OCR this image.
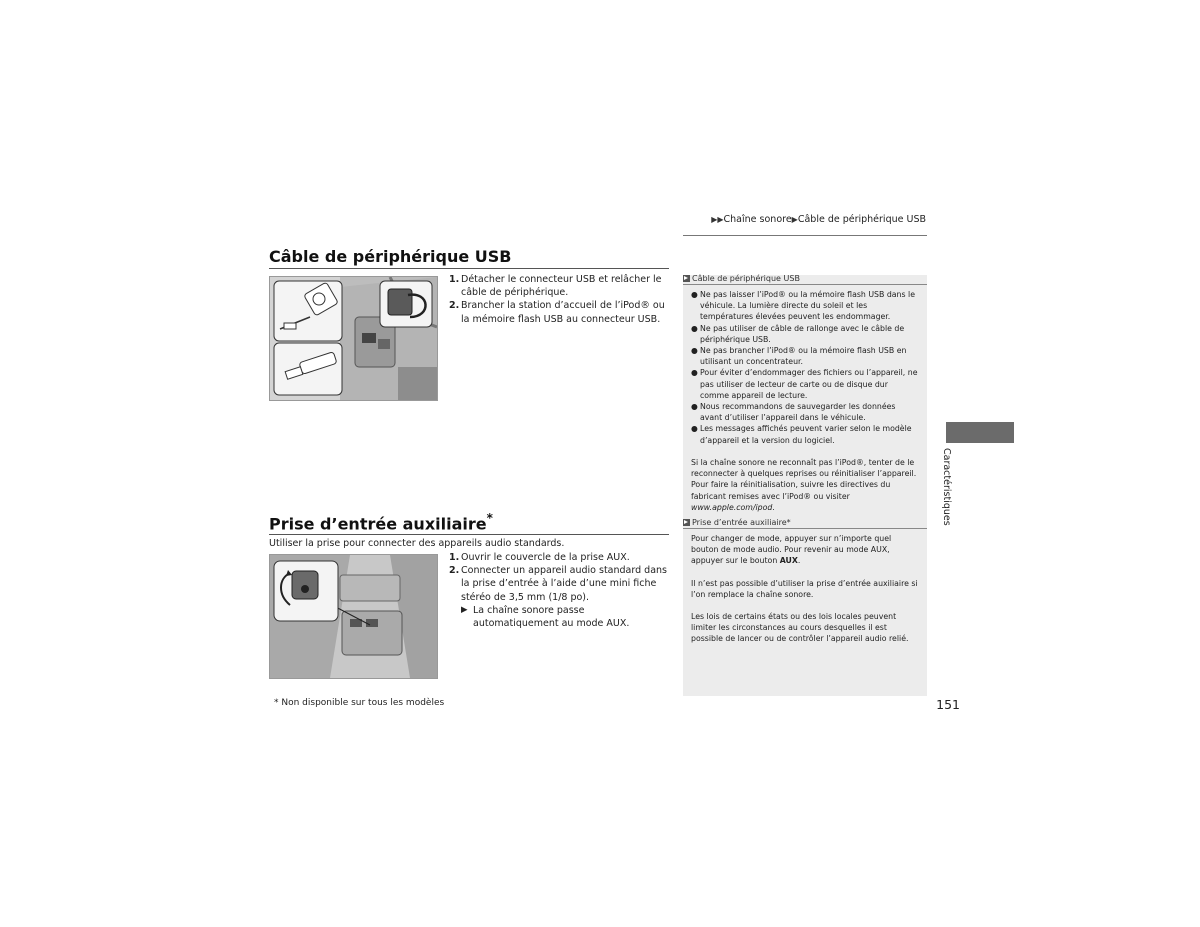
▶▶Chaîne sonore▶Câble de périphérique USB
Câble de périphérique USB
1. Détacher le connecteur USB et relâcher le câble de périphérique.
2. Brancher la station d’accueil de l’iPod® ou la mémoire flash USB au connecteur USB.
Prise d’entrée auxiliaire*
Utiliser la prise pour connecter des appareils audio standards.
1. Ouvrir le couvercle de la prise AUX.
2. Connecter un appareil audio standard dans la prise d’entrée à l’aide d’une mini fiche stéréo de 3,5 mm (1/8 po).
▶ La chaîne sonore passe automatiquement au mode AUX.
Câble de périphérique USB
● Ne pas laisser l’iPod® ou la mémoire flash USB dans le véhicule. La lumière directe du soleil et les températures élevées peuvent les endommager.
● Ne pas utiliser de câble de rallonge avec le câble de périphérique USB.
● Ne pas brancher l’iPod® ou la mémoire flash USB en utilisant un concentrateur.
● Pour éviter d’endommager des fichiers ou l’appareil, ne pas utiliser de lecteur de carte ou de disque dur comme appareil de lecture.
● Nous recommandons de sauvegarder les données avant d’utiliser l’appareil dans le véhicule.
● Les messages affichés peuvent varier selon le modèle d’appareil et la version du logiciel.
Si la chaîne sonore ne reconnaît pas l’iPod®, tenter de le reconnecter à quelques reprises ou réinitialiser l’appareil. Pour faire la réinitialisation, suivre les directives du fabricant remises avec l’iPod® ou visiter www.apple.com/ipod.
Prise d’entrée auxiliaire*
Pour changer de mode, appuyer sur n’importe quel bouton de mode audio. Pour revenir au mode AUX, appuyer sur le bouton AUX.
Il n’est pas possible d’utiliser la prise d’entrée auxiliaire si l’on remplace la chaîne sonore.
Les lois de certains états ou des lois locales peuvent limiter les circonstances au cours desquelles il est possible de lancer ou de contrôler l’appareil audio relié.
Caractéristiques
* Non disponible sur tous les modèles	151
